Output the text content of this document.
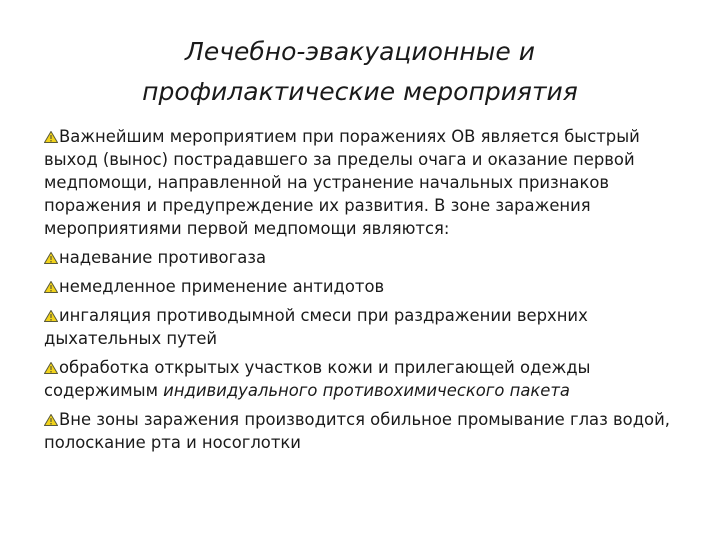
Лечебно-эвакуационные и
профилактические мероприятия
Важнейшим мероприятием при поражениях ОВ является быстрый выход (вынос) пострадавшего за пределы очага и оказание первой медпомощи, направленной на устранение начальных признаков поражения и предупреждение их развития. В зоне заражения мероприятиями первой медпомощи являются:
надевание противогаза
немедленное применение антидотов
ингаляция противодымной смеси при раздражении верхних дыхательных путей
обработка открытых участков кожи и прилегающей одежды содержимым индивидуального противохимического пакета
Вне зоны заражения производится обильное промывание глаз водой, полоскание рта и носоглотки
